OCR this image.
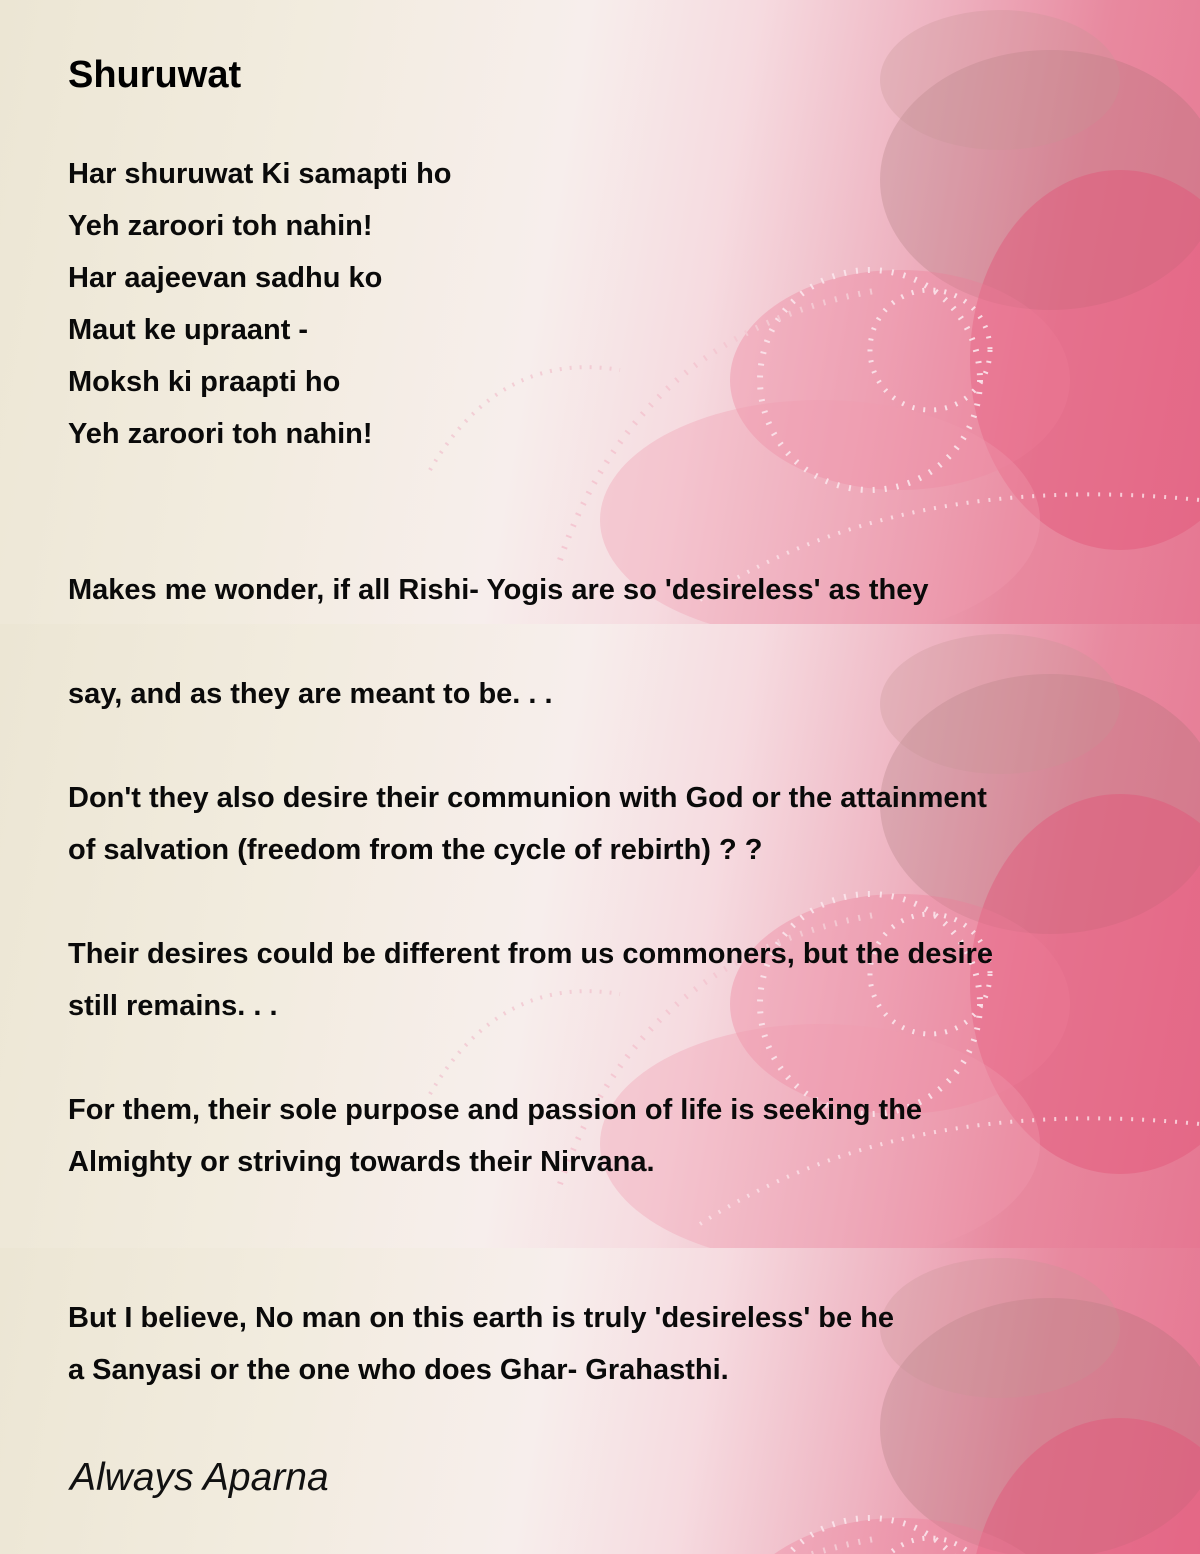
Shuruwat
Har shuruwat Ki samapti ho
Yeh zaroori toh nahin!
Har aajeevan sadhu ko
Maut ke upraant -
Moksh ki praapti ho
Yeh zaroori toh nahin!
Makes me wonder, if all Rishi- Yogis are so 'desireless' as they
say, and as they are meant to be. . .
Don't they also desire their communion with God or the attainment
of salvation (freedom from the cycle of rebirth) ? ?
Their desires could be different from us commoners, but the desire
still remains. . .
For them, their sole purpose and passion of life is seeking the
Almighty or striving towards their Nirvana.
But I believe, No man on this earth is truly 'desireless' be he
a Sanyasi or the one who does Ghar- Grahasthi.
Always Aparna
